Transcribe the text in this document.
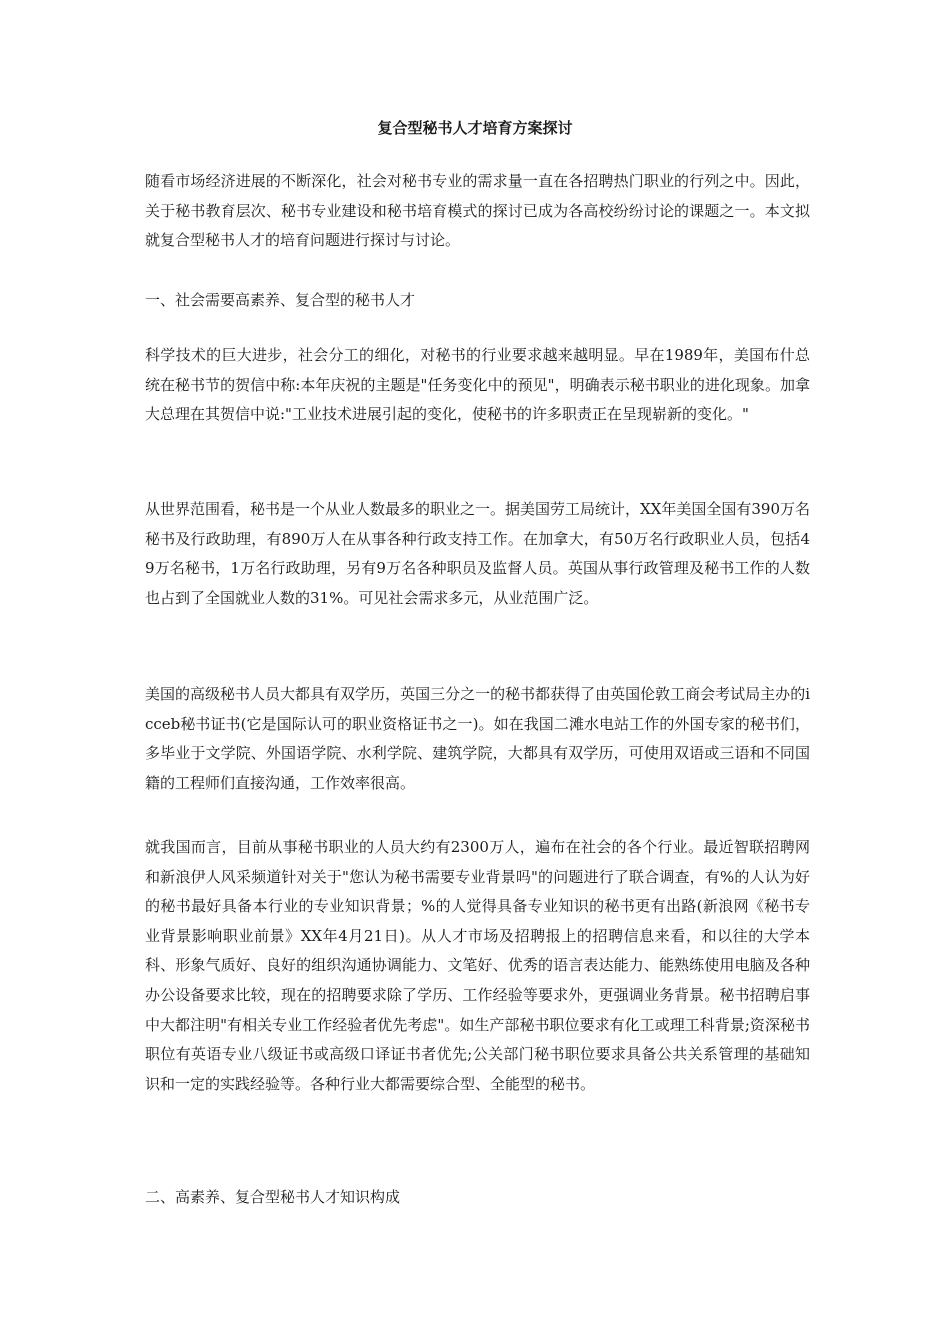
复合型秘书人才培育方案探讨

随看市场经济进展的不断深化，社会对秘书专业的需求量一直在各招聘热门职业的行列之中。因此，关于秘书教育层次、秘书专业建设和秘书培育模式的探讨已成为各高校纷纷讨论的课题之一。本文拟就复合型秘书人才的培育问题进行探讨与讨论。

一、社会需要高素养、复合型的秘书人才

科学技术的巨大进步，社会分工的细化，对秘书的行业要求越来越明显。早在1989年，美国布什总统在秘书节的贺信中称:本年庆祝的主题是"任务变化中的预见"，明确表示秘书职业的进化现象。加拿大总理在其贺信中说:"工业技术进展引起的变化，使秘书的许多职责正在呈现崭新的变化。"

从世界范围看，秘书是一个从业人数最多的职业之一。据美国劳工局统计，XX年美国全国有390万名秘书及行政助理，有890万人在从事各种行政支持工作。在加拿大，有50万名行政职业人员，包括49万名秘书，1万名行政助理，另有9万名各种职员及监督人员。英国从事行政管理及秘书工作的人数也占到了全国就业人数的31%。可见社会需求多元，从业范围广泛。

美国的高级秘书人员大都具有双学历，英国三分之一的秘书都获得了由英国伦敦工商会考试局主办的icceb秘书证书(它是国际认可的职业资格证书之一)。如在我国二滩水电站工作的外国专家的秘书们，多毕业于文学院、外国语学院、水利学院、建筑学院，大都具有双学历，可使用双语或三语和不同国籍的工程师们直接沟通，工作效率很高。

就我国而言，目前从事秘书职业的人员大约有2300万人，遍布在社会的各个行业。最近智联招聘网和新浪伊人风采频道针对关于"您认为秘书需要专业背景吗"的问题进行了联合调查，有%的人认为好的秘书最好具备本行业的专业知识背景；%的人觉得具备专业知识的秘书更有出路(新浪网《秘书专业背景影响职业前景》XX年4月21日)。从人才市场及招聘报上的招聘信息来看，和以往的大学本科、形象气质好、良好的组织沟通协调能力、文笔好、优秀的语言表达能力、能熟练使用电脑及各种办公设备要求比较，现在的招聘要求除了学历、工作经验等要求外，更强调业务背景。秘书招聘启事中大都注明"有相关专业工作经验者优先考虑"。如生产部秘书职位要求有化工或理工科背景;资深秘书职位有英语专业八级证书或高级口译证书者优先;公关部门秘书职位要求具备公共关系管理的基础知识和一定的实践经验等。各种行业大都需要综合型、全能型的秘书。

二、高素养、复合型秘书人才知识构成
